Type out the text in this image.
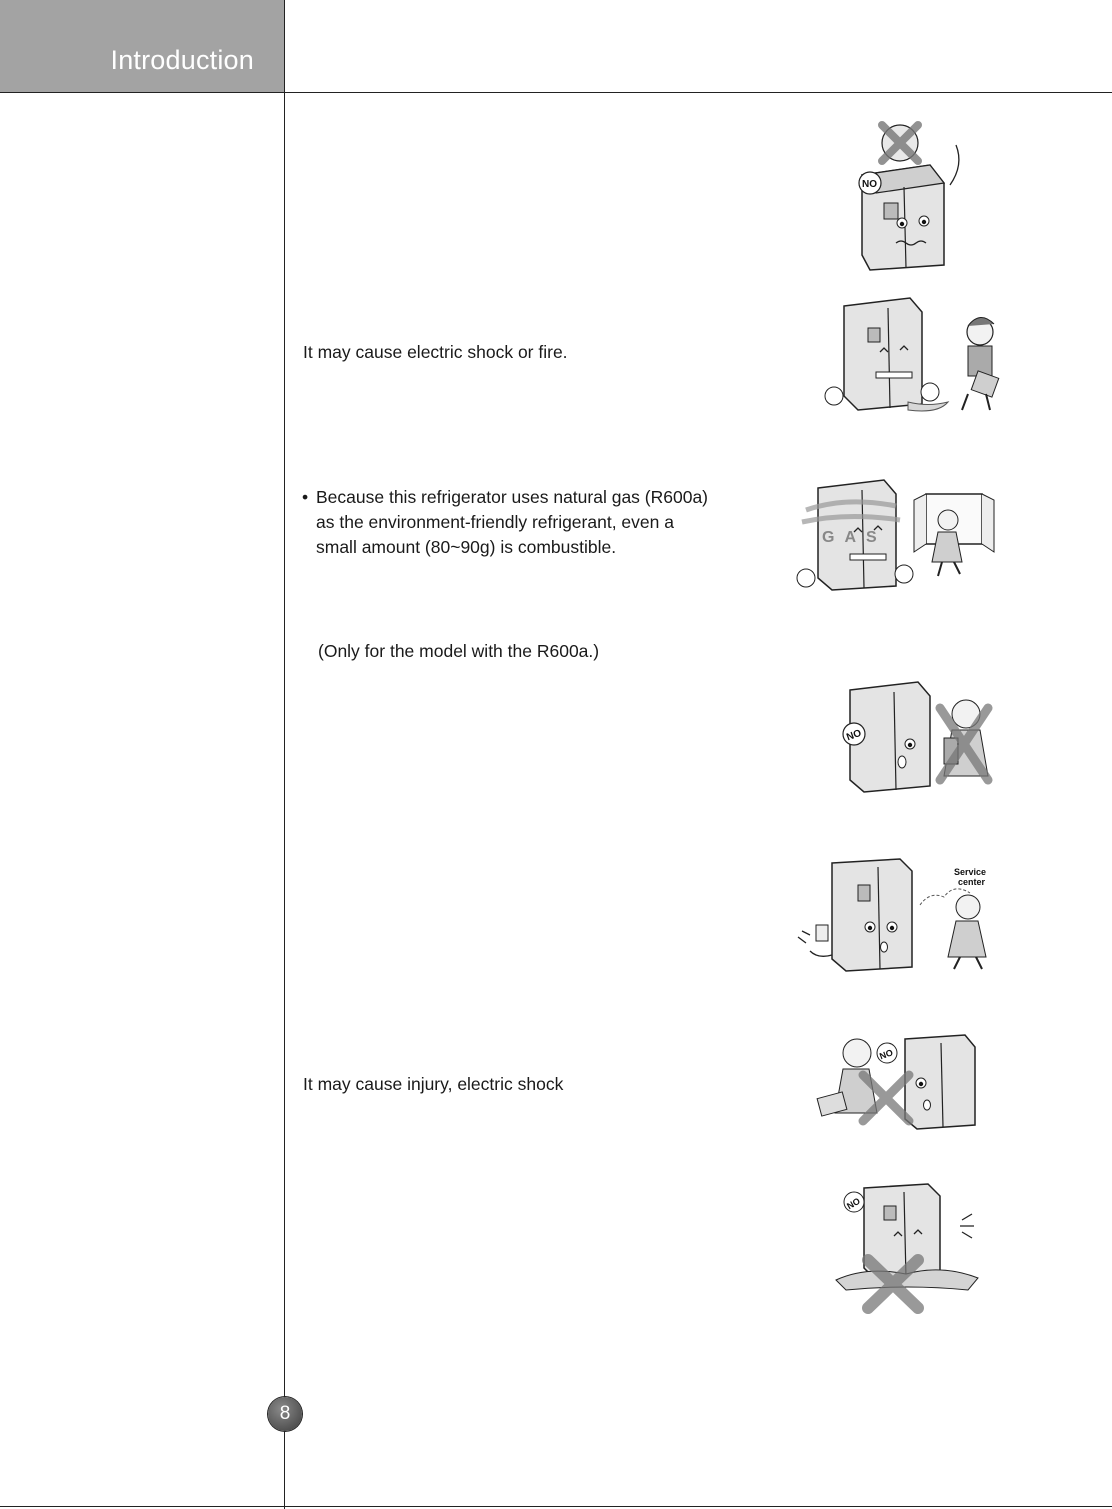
Introduction
It may cause electric shock or fire.
• Because this refrigerator uses natural gas (R600a)
as the environment-friendly refrigerant, even a
small amount (80~90g) is combustible.
(Only for the model with the R600a.)
It may cause injury, electric shock
NO
GAS
NO
Service
center
NO
NO
8
